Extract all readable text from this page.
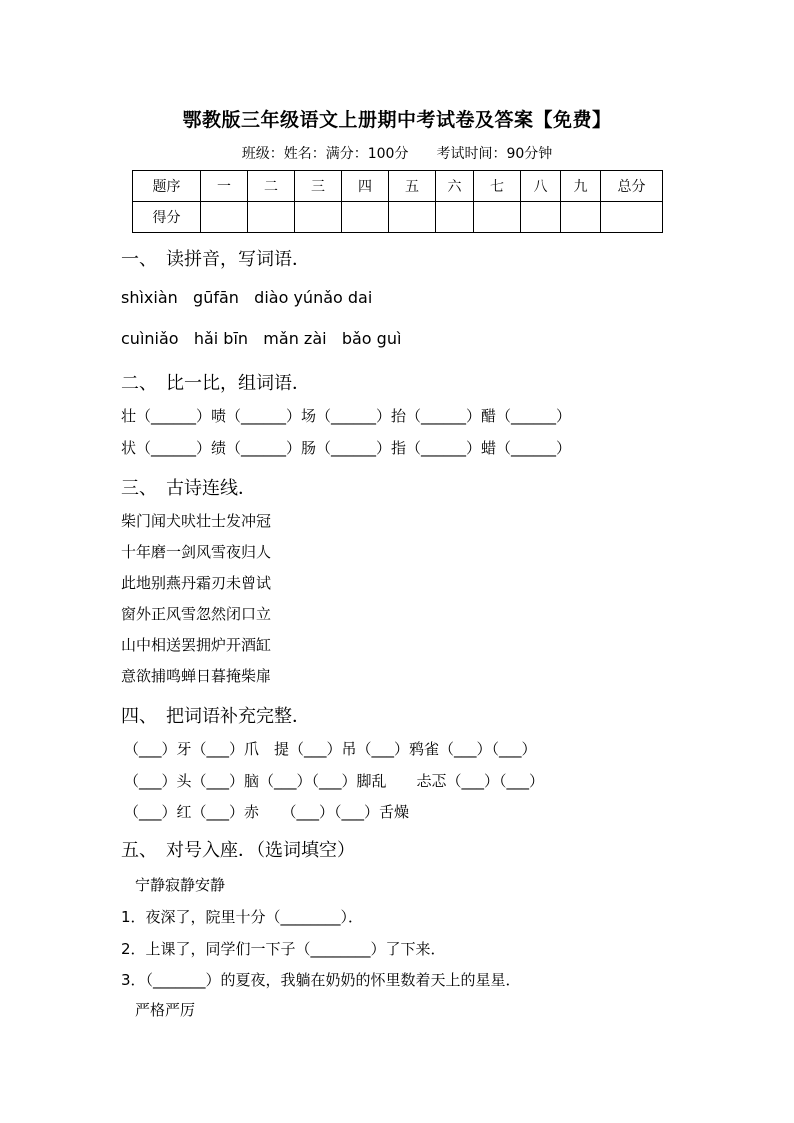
鄂教版三年级语文上册期中考试卷及答案【免费】
班级：姓名：满分：100分　　考试时间：90分钟
题序	一	二	三	四	五	六	七	八	九	总分
得分										
一、　读拼音，写词语．
shìxiàn   gūfān   diào yúnǎo dai
cuìniǎo   hǎi bīn   mǎn zài   bǎo guì
二、　比一比，组词语．
壮（______）啧（______）场（______）抬（______）醋（______）
状（______）绩（______）肠（______）指（______）蜡（______）
三、　古诗连线．
柴门闻犬吠壮士发冲冠
十年磨一剑风雪夜归人
此地别燕丹霜刃未曾试
窗外正风雪忽然闭口立
山中相送罢拥炉开酒缸
意欲捕鸣蝉日暮掩柴扉
四、　把词语补充完整．
（___）牙（___）爪　提（___）吊（___）鸦雀（___）（___）
（___）头（___）脑（___）（___）脚乱　　忐忑（___）（___）
（___）红（___）赤　　（___）（___）舌燥
五、　对号入座．（选词填空）
宁静寂静安静
1．夜深了，院里十分（________）．
2．上课了，同学们一下子（________）了下来．
3．（_______）的夏夜，我躺在奶奶的怀里数着天上的星星．
严格严厉
